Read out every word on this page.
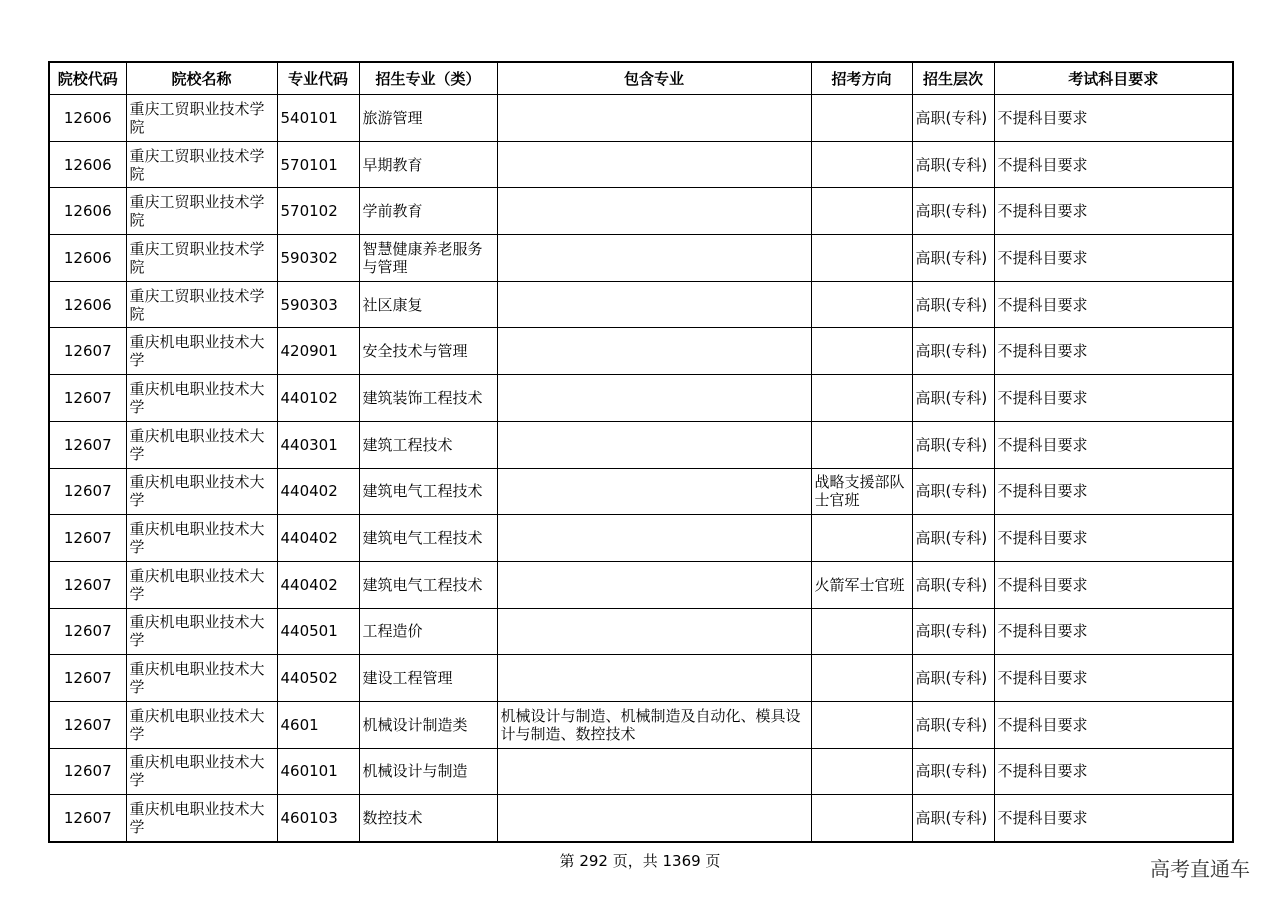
院校代码	院校名称	专业代码	招生专业（类）	包含专业	招考方向	招生层次	考试科目要求
12606	重庆工贸职业技术学院	540101	旅游管理			高职(专科)	不提科目要求
12606	重庆工贸职业技术学院	570101	早期教育			高职(专科)	不提科目要求
12606	重庆工贸职业技术学院	570102	学前教育			高职(专科)	不提科目要求
12606	重庆工贸职业技术学院	590302	智慧健康养老服务与管理			高职(专科)	不提科目要求
12606	重庆工贸职业技术学院	590303	社区康复			高职(专科)	不提科目要求
12607	重庆机电职业技术大学	420901	安全技术与管理			高职(专科)	不提科目要求
12607	重庆机电职业技术大学	440102	建筑装饰工程技术			高职(专科)	不提科目要求
12607	重庆机电职业技术大学	440301	建筑工程技术			高职(专科)	不提科目要求
12607	重庆机电职业技术大学	440402	建筑电气工程技术		战略支援部队士官班	高职(专科)	不提科目要求
12607	重庆机电职业技术大学	440402	建筑电气工程技术			高职(专科)	不提科目要求
12607	重庆机电职业技术大学	440402	建筑电气工程技术		火箭军士官班	高职(专科)	不提科目要求
12607	重庆机电职业技术大学	440501	工程造价			高职(专科)	不提科目要求
12607	重庆机电职业技术大学	440502	建设工程管理			高职(专科)	不提科目要求
12607	重庆机电职业技术大学	4601	机械设计制造类	机械设计与制造、机械制造及自动化、模具设计与制造、数控技术		高职(专科)	不提科目要求
12607	重庆机电职业技术大学	460101	机械设计与制造			高职(专科)	不提科目要求
12607	重庆机电职业技术大学	460103	数控技术			高职(专科)	不提科目要求
第 292 页，共 1369 页	高考直通车
